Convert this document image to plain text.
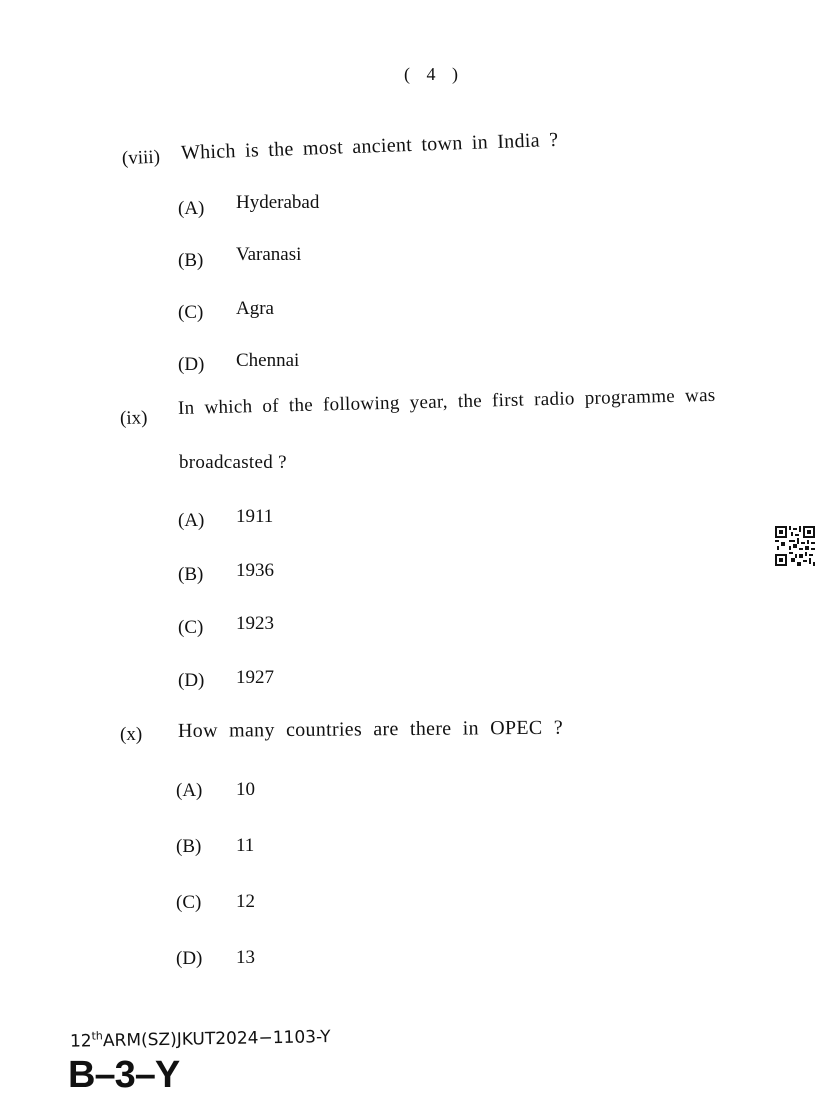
( 4 )
(viii) Which is the most ancient town in India ?
(A) Hyderabad
(B) Varanasi
(C) Agra
(D) Chennai
(ix) In which of the following year, the first radio programme was
broadcasted ?
(A) 1911
(B) 1936
(C) 1923
(D) 1927
(x) How many countries are there in OPEC ?
(A) 10
(B) 11
(C) 12
(D) 13
12thARM(SZ)JKUT2024−1103-Y
B–3–Y
